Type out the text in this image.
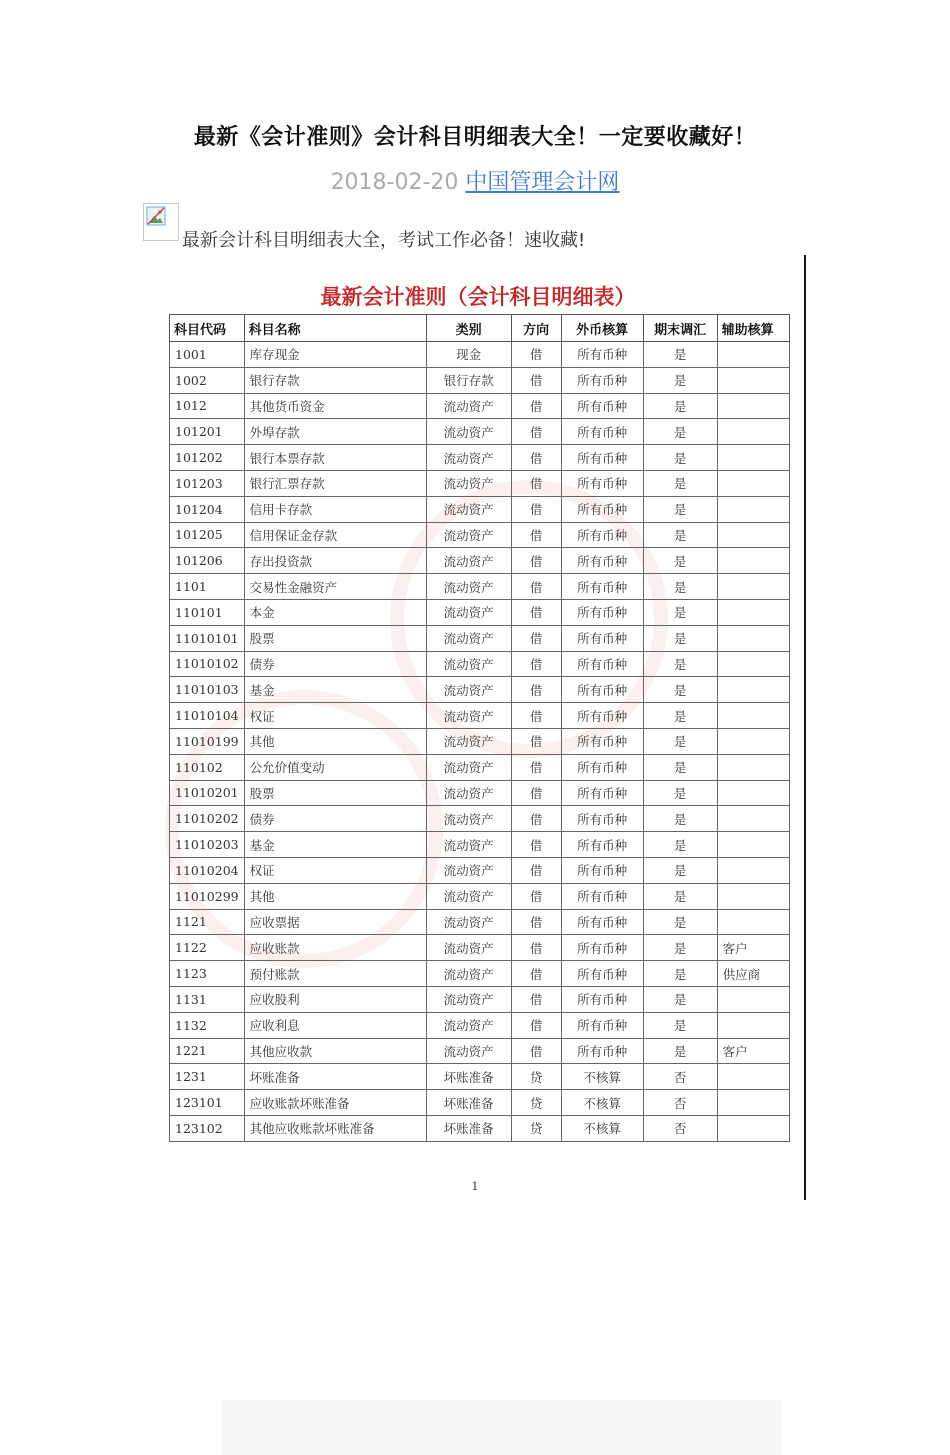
最新《会计准则》会计科目明细表大全！一定要收藏好！
2018-02-20 中国管理会计网
最新会计科目明细表大全，考试工作必备！速收藏!
最新会计准则（会计科目明细表）
科目代码	科目名称	类别	方向	外币核算	期末调汇	辅助核算
1001	库存现金	现金	借	所有币种	是	
1002	银行存款	银行存款	借	所有币种	是	
1012	其他货币资金	流动资产	借	所有币种	是	
101201	外埠存款	流动资产	借	所有币种	是	
101202	银行本票存款	流动资产	借	所有币种	是	
101203	银行汇票存款	流动资产	借	所有币种	是	
101204	信用卡存款	流动资产	借	所有币种	是	
101205	信用保证金存款	流动资产	借	所有币种	是	
101206	存出投资款	流动资产	借	所有币种	是	
1101	交易性金融资产	流动资产	借	所有币种	是	
110101	本金	流动资产	借	所有币种	是	
11010101	股票	流动资产	借	所有币种	是	
11010102	债券	流动资产	借	所有币种	是	
11010103	基金	流动资产	借	所有币种	是	
11010104	权证	流动资产	借	所有币种	是	
11010199	其他	流动资产	借	所有币种	是	
110102	公允价值变动	流动资产	借	所有币种	是	
11010201	股票	流动资产	借	所有币种	是	
11010202	债券	流动资产	借	所有币种	是	
11010203	基金	流动资产	借	所有币种	是	
11010204	权证	流动资产	借	所有币种	是	
11010299	其他	流动资产	借	所有币种	是	
1121	应收票据	流动资产	借	所有币种	是	
1122	应收账款	流动资产	借	所有币种	是	客户
1123	预付账款	流动资产	借	所有币种	是	供应商
1131	应收股利	流动资产	借	所有币种	是	
1132	应收利息	流动资产	借	所有币种	是	
1221	其他应收款	流动资产	借	所有币种	是	客户
1231	坏账准备	坏账准备	贷	不核算	否	
123101	应收账款坏账准备	坏账准备	贷	不核算	否	
123102	其他应收账款坏账准备	坏账准备	贷	不核算	否	
1
